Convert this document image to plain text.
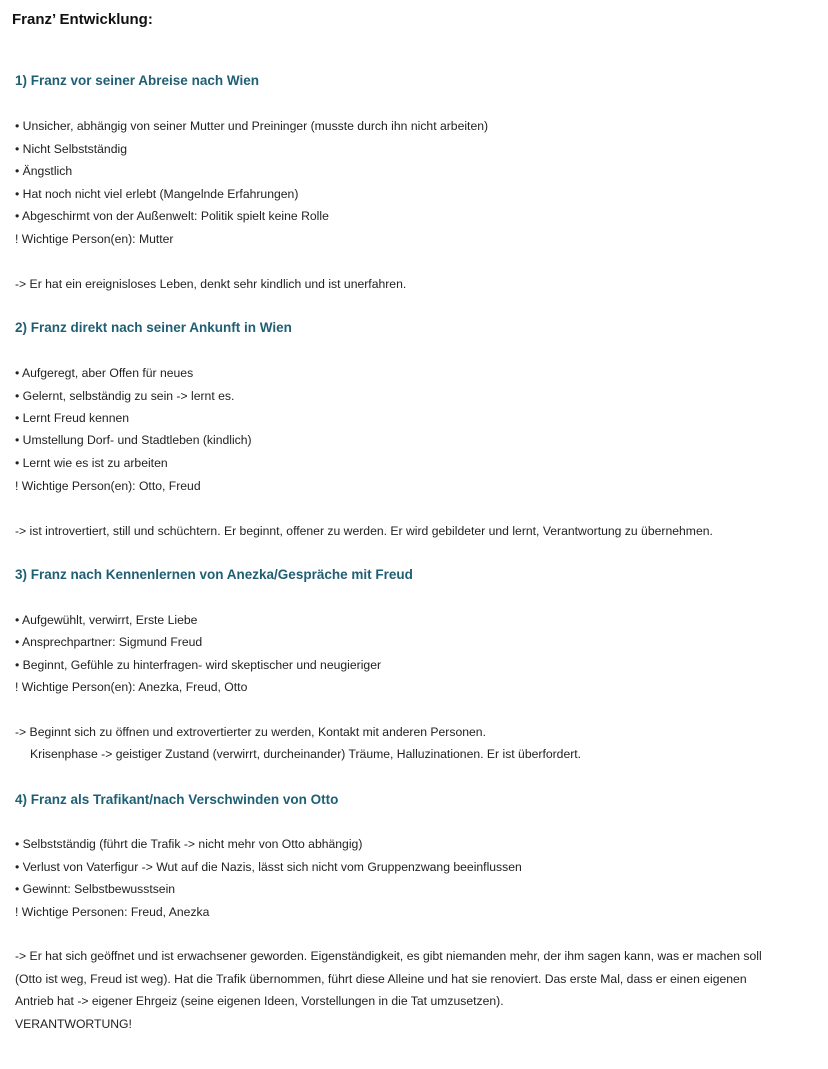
Franz’ Entwicklung:
1) Franz vor seiner Abreise nach Wien
• Unsicher, abhängig von seiner Mutter und Preininger (musste durch ihn nicht arbeiten)
• Nicht Selbstständig
• Ängstlich
• Hat noch nicht viel erlebt (Mangelnde Erfahrungen)
• Abgeschirmt von der Außenwelt: Politik spielt keine Rolle
! Wichtige Person(en): Mutter
-> Er hat ein ereignisloses Leben, denkt sehr kindlich und ist unerfahren.
2) Franz direkt nach seiner Ankunft in Wien
• Aufgeregt, aber Offen für neues
• Gelernt, selbständig zu sein -> lernt es.
• Lernt Freud kennen
• Umstellung Dorf- und Stadtleben (kindlich)
• Lernt wie es ist zu arbeiten
! Wichtige Person(en): Otto, Freud
-> ist introvertiert, still und schüchtern. Er beginnt, offener zu werden. Er wird gebildeter und lernt, Verantwortung zu übernehmen.
3) Franz nach Kennenlernen von Anezka/Gespräche mit Freud
• Aufgewühlt, verwirrt, Erste Liebe
• Ansprechpartner: Sigmund Freud
• Beginnt, Gefühle zu hinterfragen- wird skeptischer und neugieriger
! Wichtige Person(en): Anezka, Freud, Otto
-> Beginnt sich zu öffnen und extrovertierter zu werden, Kontakt mit anderen Personen.
Krisenphase -> geistiger Zustand (verwirrt, durcheinander) Träume, Halluzinationen. Er ist überfordert.
4) Franz als Trafikant/nach Verschwinden von Otto
• Selbstständig (führt die Trafik -> nicht mehr von Otto abhängig)
• Verlust von Vaterfigur -> Wut auf die Nazis, lässt sich nicht vom Gruppenzwang beeinflussen
• Gewinnt: Selbstbewusstsein
! Wichtige Personen: Freud, Anezka
-> Er hat sich geöffnet und ist erwachsener geworden. Eigenständigkeit, es gibt niemanden mehr, der ihm sagen kann, was er machen soll
(Otto ist weg, Freud ist weg). Hat die Trafik übernommen, führt diese Alleine und hat sie renoviert. Das erste Mal, dass er einen eigenen
Antrieb hat -> eigener Ehrgeiz (seine eigenen Ideen, Vorstellungen in die Tat umzusetzen).
VERANTWORTUNG!
